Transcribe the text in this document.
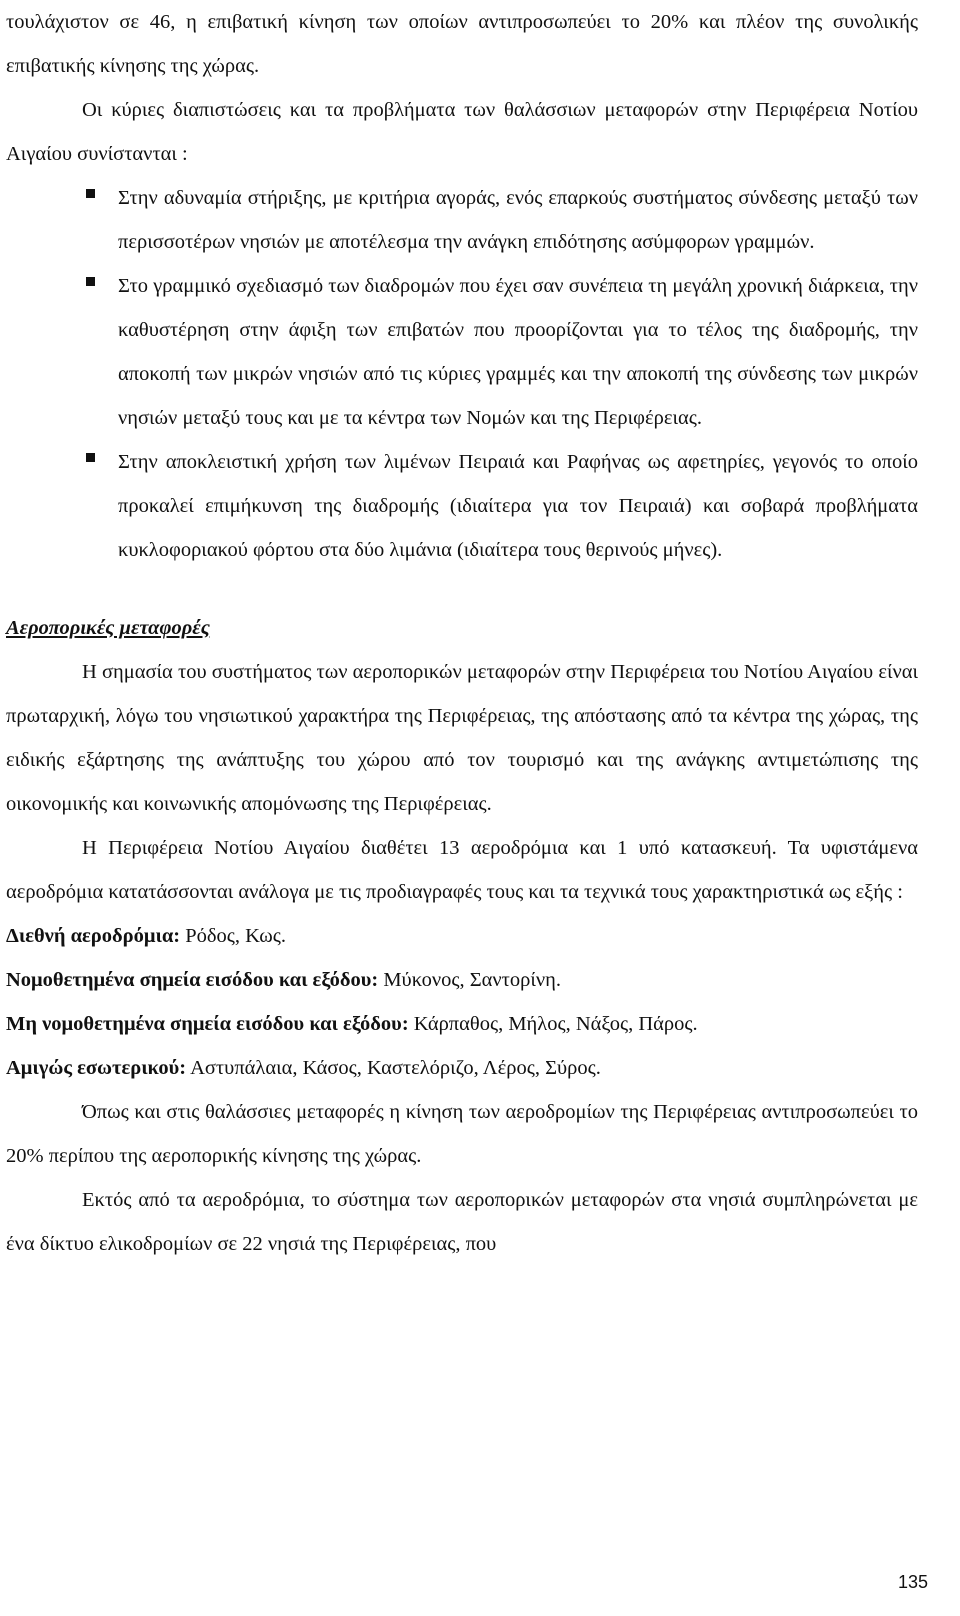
τουλάχιστον σε 46, η επιβατική κίνηση των οποίων αντιπροσωπεύει το 20% και πλέον της συνολικής επιβατικής κίνησης της χώρας.

Οι κύριες διαπιστώσεις και τα προβλήματα των θαλάσσιων μεταφορών στην Περιφέρεια Νοτίου Αιγαίου συνίστανται :

Στην αδυναμία στήριξης, με κριτήρια αγοράς, ενός επαρκούς συστήματος σύνδεσης μεταξύ των περισσοτέρων νησιών με αποτέλεσμα την ανάγκη επιδότησης ασύμφορων γραμμών.
Στο γραμμικό σχεδιασμό των διαδρομών που έχει σαν συνέπεια τη μεγάλη χρονική διάρκεια, την καθυστέρηση στην άφιξη των επιβατών που προορίζονται για το τέλος της διαδρομής, την αποκοπή των μικρών νησιών από τις κύριες γραμμές και την αποκοπή της σύνδεσης των μικρών νησιών μεταξύ τους και με τα κέντρα των Νομών και της Περιφέρειας.
Στην αποκλειστική χρήση των λιμένων Πειραιά και Ραφήνας ως αφετηρίες, γεγονός το οποίο προκαλεί επιμήκυνση της διαδρομής (ιδιαίτερα για τον Πειραιά) και σοβαρά προβλήματα κυκλοφοριακού φόρτου στα δύο λιμάνια (ιδιαίτερα τους θερινούς μήνες).

Αεροπορικές μεταφορές

Η σημασία του συστήματος των αεροπορικών μεταφορών στην Περιφέρεια του Νοτίου Αιγαίου είναι πρωταρχική, λόγω του νησιωτικού χαρακτήρα της Περιφέρειας, της απόστασης από τα κέντρα της χώρας, της ειδικής εξάρτησης της ανάπτυξης του χώρου από τον τουρισμό και της ανάγκης αντιμετώπισης της οικονομικής και κοινωνικής απομόνωσης της Περιφέρειας.

Η Περιφέρεια Νοτίου Αιγαίου διαθέτει 13 αεροδρόμια και 1 υπό κατασκευή. Τα υφιστάμενα αεροδρόμια κατατάσσονται ανάλογα με τις προδιαγραφές τους και τα τεχνικά τους χαρακτηριστικά ως εξής :

Διεθνή αεροδρόμια: Ρόδος, Κως.

Νομοθετημένα σημεία εισόδου και εξόδου: Μύκονος, Σαντορίνη.

Μη νομοθετημένα σημεία εισόδου και εξόδου: Κάρπαθος, Μήλος, Νάξος, Πάρος.

Αμιγώς εσωτερικού: Αστυπάλαια, Κάσος, Καστελόριζο, Λέρος, Σύρος.

Όπως και στις θαλάσσιες μεταφορές η κίνηση των αεροδρομίων της Περιφέρειας αντιπροσωπεύει το 20% περίπου της αεροπορικής κίνησης της χώρας.

Εκτός από τα αεροδρόμια, το σύστημα των αεροπορικών μεταφορών στα νησιά συμπληρώνεται με ένα δίκτυο ελικοδρομίων σε 22 νησιά της Περιφέρειας, που

135
